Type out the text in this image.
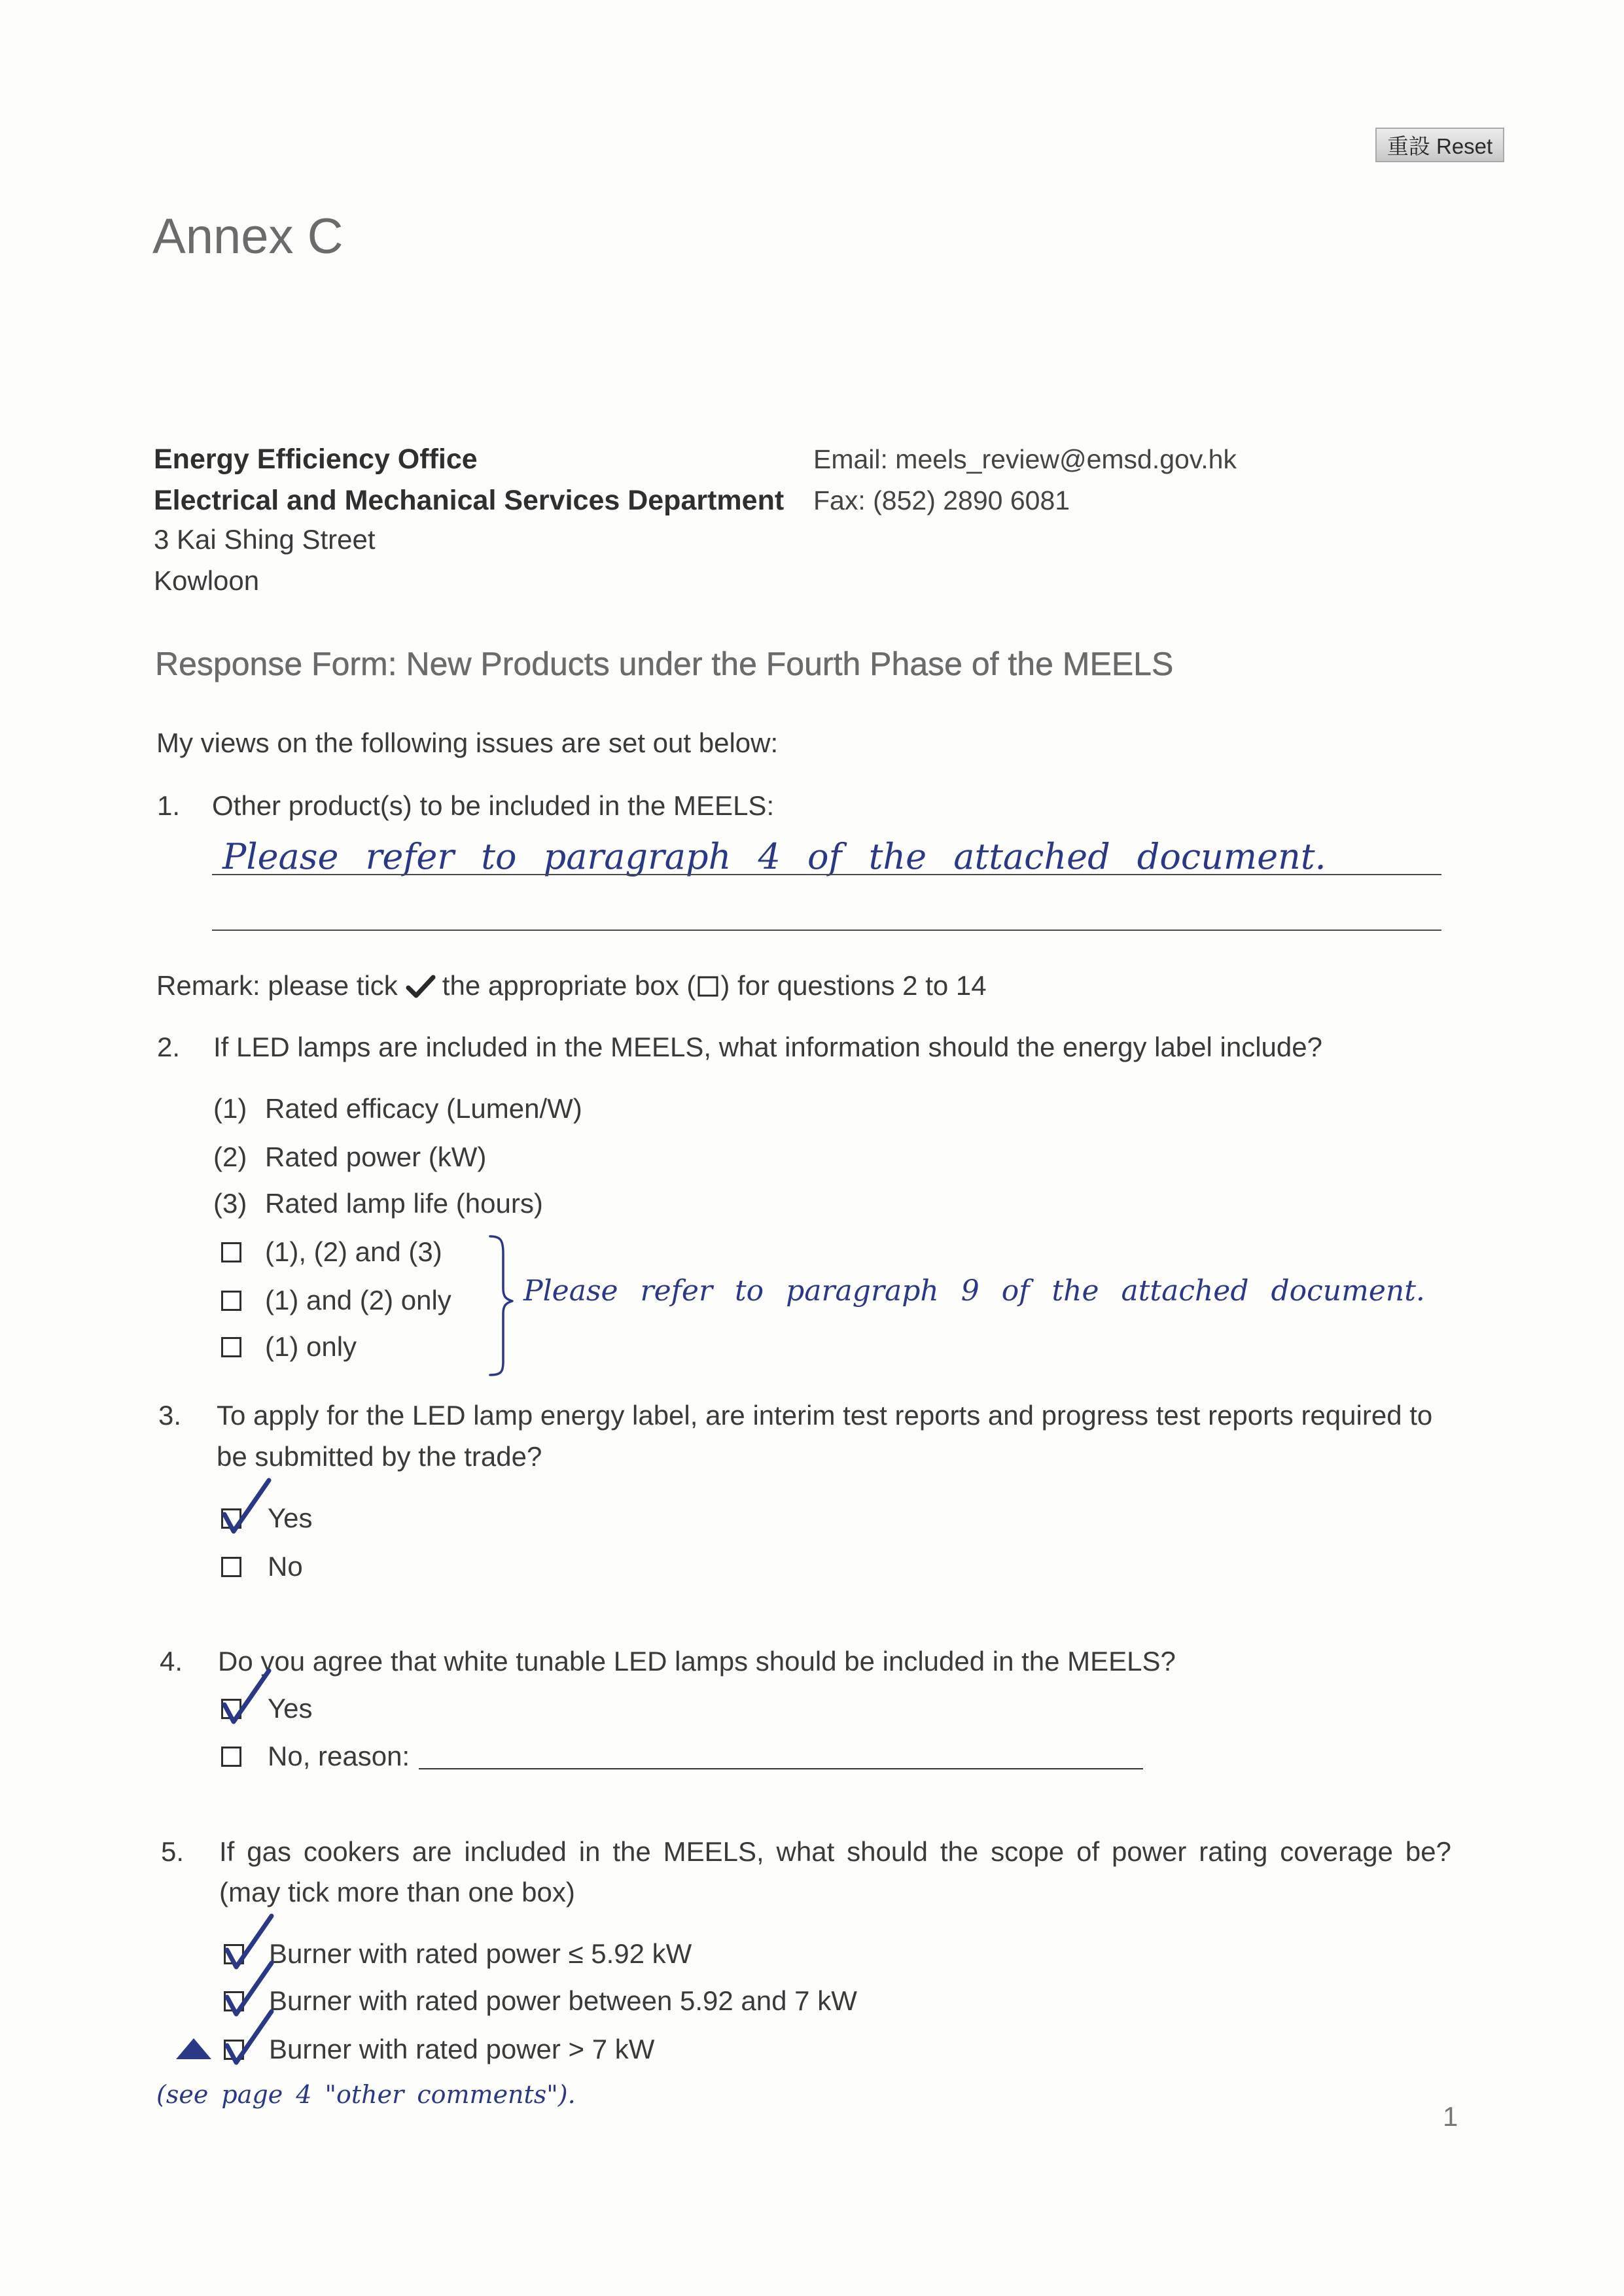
重設 Reset
Annex C
Energy Efficiency Office
Electrical and Mechanical Services Department
3 Kai Shing Street
Kowloon
Email: meels_review@emsd.gov.hk
Fax: (852) 2890 6081
Response Form: New Products under the Fourth Phase of the MEELS
My views on the following issues are set out below:
1. Other product(s) to be included in the MEELS:
Please refer to paragraph 4 of the attached document.
Remark: please tick the appropriate box ( ) for questions 2 to 14
2. If LED lamps are included in the MEELS, what information should the energy label include?
(1) Rated efficacy (Lumen/W)
(2) Rated power (kW)
(3) Rated lamp life (hours)
(1), (2) and (3)
(1) and (2) only
(1) only
Please refer to paragraph 9 of the attached document.
3. To apply for the LED lamp energy label, are interim test reports and progress test reports required to
be submitted by the trade?
Yes
No
4. Do you agree that white tunable LED lamps should be included in the MEELS?
Yes
No, reason:
5. If gas cookers are included in the MEELS, what should the scope of power rating coverage be?
(may tick more than one box)
Burner with rated power ≤ 5.92 kW
Burner with rated power between 5.92 and 7 kW
Burner with rated power > 7 kW
(see page 4 "other comments").
1
